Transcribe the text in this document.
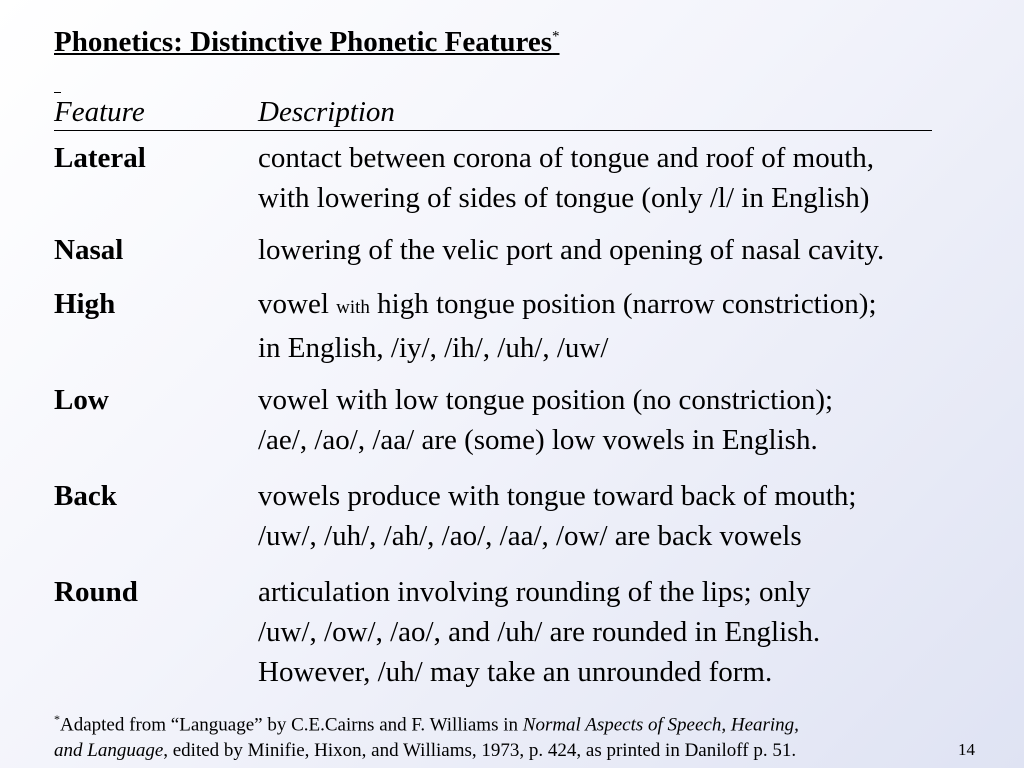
Phonetics: Distinctive Phonetic Features*
Feature	Description
Lateral	contact between corona of tongue and roof of mouth,
with lowering of sides of tongue (only /l/ in English)
Nasal	lowering of the velic port and opening of nasal cavity.
High	vowel with high tongue position (narrow constriction);
in English, /iy/, /ih/, /uh/, /uw/
Low	vowel with low tongue position (no constriction);
/ae/, /ao/, /aa/ are (some) low vowels in English.
Back	vowels produce with tongue toward back of mouth;
/uw/, /uh/, /ah/, /ao/, /aa/, /ow/ are back vowels
Round	articulation involving rounding of the lips; only
/uw/, /ow/, /ao/, and /uh/ are rounded in English.
However, /uh/ may take an unrounded form.
*Adapted from “Language” by C.E.Cairns and F. Williams in Normal Aspects of Speech, Hearing,
and Language, edited by Minifie, Hixon, and Williams, 1973, p. 424, as printed in Daniloff p. 51.	14
